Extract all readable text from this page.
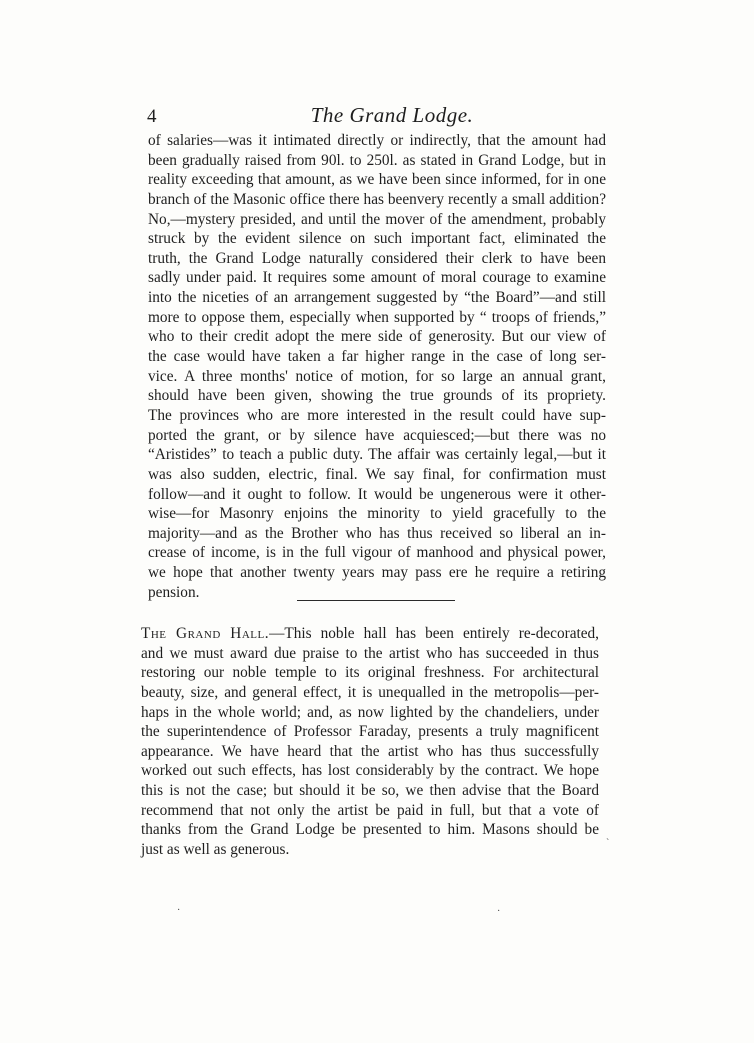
4	The Grand Lodge.
of salaries—was it intimated directly or indirectly, that the amount had
been gradually raised from 90l. to 250l. as stated in Grand Lodge, but in
reality exceeding that amount, as we have been since informed, for in one
branch of the Masonic office there has beenvery recently a small addition?
No,—mystery presided, and until the mover of the amendment, probably
struck by the evident silence on such important fact, eliminated the
truth, the Grand Lodge naturally considered their clerk to have been
sadly under paid. It requires some amount of moral courage to examine
into the niceties of an arrangement suggested by “the Board”—and still
more to oppose them, especially when supported by “ troops of friends,”
who to their credit adopt the mere side of generosity. But our view of
the case would have taken a far higher range in the case of long ser-
vice. A three months' notice of motion, for so large an annual grant,
should have been given, showing the true grounds of its propriety.
The provinces who are more interested in the result could have sup-
ported the grant, or by silence have acquiesced;—but there was no
“Aristides” to teach a public duty. The affair was certainly legal,—but it
was also sudden, electric, final. We say final, for confirmation must
follow—and it ought to follow. It would be ungenerous were it other-
wise—for Masonry enjoins the minority to yield gracefully to the
majority—and as the Brother who has thus received so liberal an in-
crease of income, is in the full vigour of manhood and physical power,
we hope that another twenty years may pass ere he require a retiring
pension.
The Grand Hall.—This noble hall has been entirely re-decorated,
and we must award due praise to the artist who has succeeded in thus
restoring our noble temple to its original freshness. For architectural
beauty, size, and general effect, it is unequalled in the metropolis—per-
haps in the whole world; and, as now lighted by the chandeliers, under
the superintendence of Professor Faraday, presents a truly magnificent
appearance. We have heard that the artist who has thus successfully
worked out such effects, has lost considerably by the contract. We hope
this is not the case; but should it be so, we then advise that the Board
recommend that not only the artist be paid in full, but that a vote of
thanks from the Grand Lodge be presented to him. Masons should be
just as well as generous.	`
·
·
